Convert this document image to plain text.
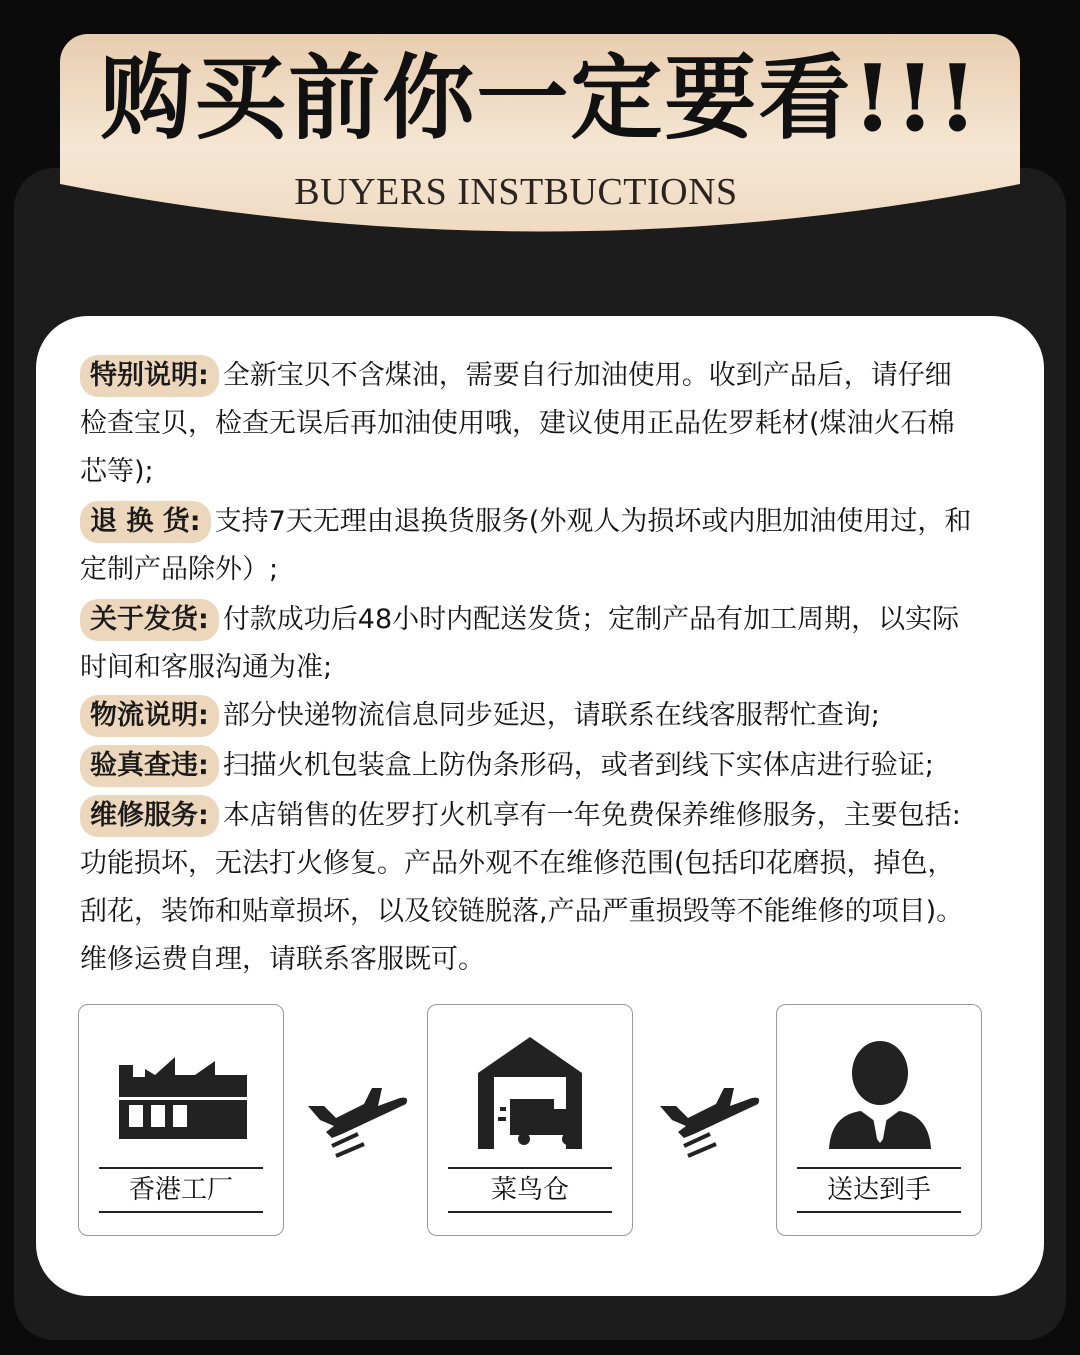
购买前你一定要看!!!
BUYERS INSTBUCTIONS
特别说明: 全新宝贝不含煤油，需要自行加油使用。收到产品后，请仔细
检查宝贝，检查无误后再加油使用哦，建议使用正品佐罗耗材(煤油火石棉
芯等);
退 换 货: 支持7天无理由退换货服务(外观人为损坏或内胆加油使用过，和
定制产品除外）;
关于发货: 付款成功后48小时内配送发货；定制产品有加工周期，以实际
时间和客服沟通为准;
物流说明: 部分快递物流信息同步延迟，请联系在线客服帮忙查询;
验真查违: 扫描火机包装盒上防伪条形码，或者到线下实体店进行验证;
维修服务: 本店销售的佐罗打火机享有一年免费保养维修服务，主要包括:
功能损坏，无法打火修复。产品外观不在维修范围(包括印花磨损，掉色，
刮花，装饰和贴章损坏，以及铰链脱落,产品严重损毁等不能维修的项目)。
维修运费自理，请联系客服既可。
香港工厂	菜鸟仓	送达到手
